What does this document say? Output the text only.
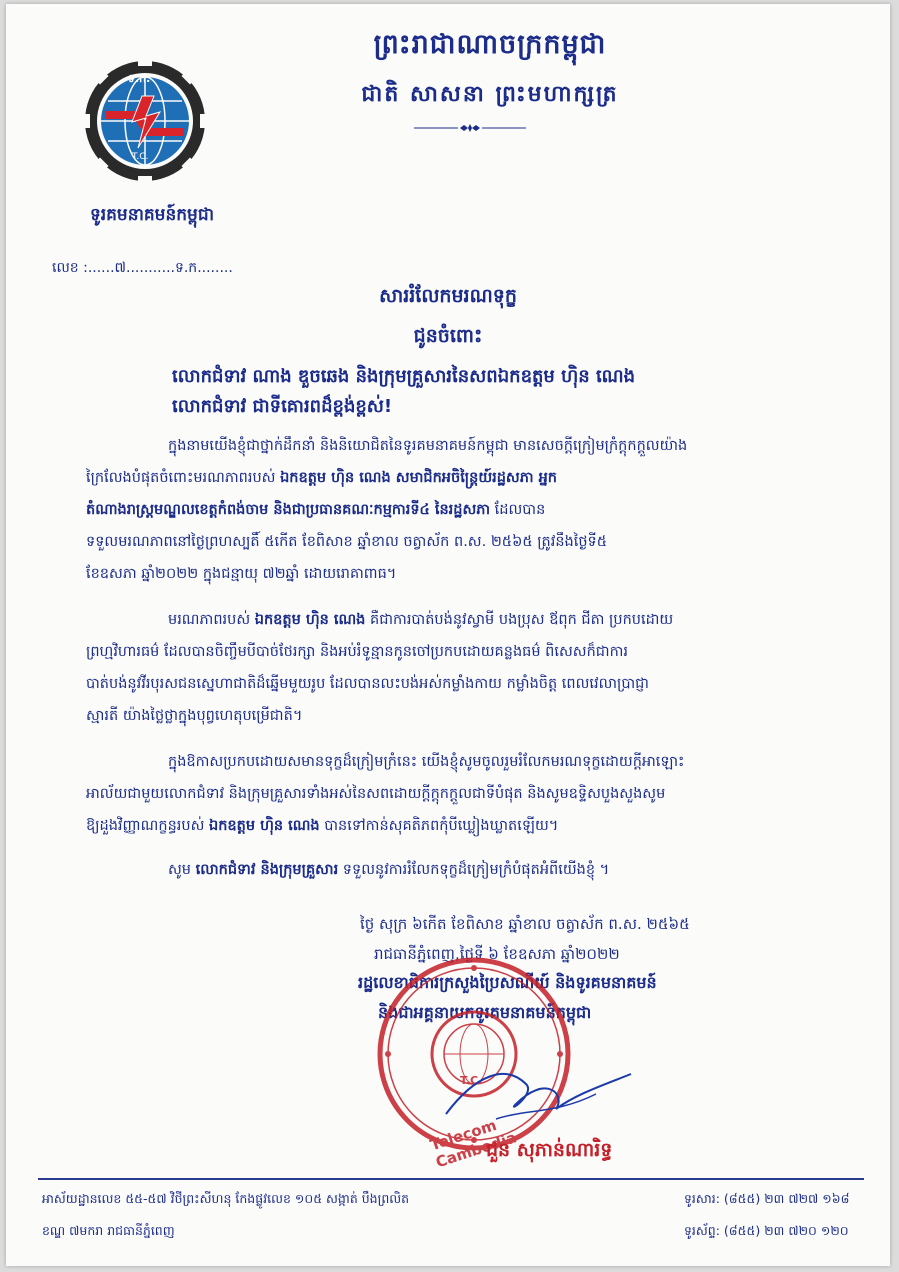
ទ.ក.
T.C.
ព្រះរាជាណាចក្រកម្ពុជា
ជាតិ សាសនា ព្រះមហាក្សត្រ
ទូរគមនាគមន៍កម្ពុជា
លេខ :......៧...........ទ.ក........
សាររំលែកមរណទុក្ខ
ជូនចំពោះ
លោកជំទាវ ណាង ឌួចឆេង និងក្រុមគ្រួសារនៃសពឯកឧត្តម ហ៊ិន ណេង
លោកជំទាវ ជាទីគោរពដ៏ខ្ពង់ខ្ពស់!
ក្នុងនាមយើងខ្ញុំជាថ្នាក់ដឹកនាំ និងនិយោជិតនៃទូរគមនាគមន៍កម្ពុជា មានសេចក្តីក្រៀមក្រំក្តុកក្តួលយ៉ាង
ក្រៃលែងបំផុតចំពោះមរណភាពរបស់ ឯកឧត្តម ហ៊ិន ណេង សមាជិកអចិន្ត្រៃយ៍រដ្ឋសភា អ្នក
តំណាងរាស្ត្រមណ្ឌលខេត្តកំពង់ចាម និងជាប្រធានគណៈកម្មការទី៤ នៃរដ្ឋសភា ដែលបាន
ទទួលមរណភាពនៅថ្ងៃព្រហស្បតិ៍ ៥កើត ខែពិសាខ ឆ្នាំខាល ចត្វាស័ក ព.ស. ២៥៦៥ ត្រូវនឹងថ្ងៃទី៥
ខែឧសភា ឆ្នាំ២០២២ ក្នុងជន្មាយុ ៧២ឆ្នាំ ដោយរោគាពាធ។
មរណភាពរបស់ ឯកឧត្តម ហ៊ិន ណេង គឺជាការបាត់បង់នូវស្វាមី បងប្រុស ឪពុក ជីតា ប្រកបដោយ
ព្រហ្មវិហារធម៌ ដែលបានចិញ្ចឹមបីបាច់ថែរក្សា និងអប់រំទូន្មានកូនចៅប្រកបដោយគន្លងធម៌ ពិសេសក៏ជាការ
បាត់បង់នូវវីរបុរសជនស្នេហាជាតិដ៏ឆ្នើមមួយរូប ដែលបានលះបង់អស់កម្លាំងកាយ កម្លាំងចិត្ត ពេលវេលាប្រាជ្ញា
ស្មារតី យ៉ាងថ្លៃថ្លាក្នុងបុព្វហេតុបម្រើជាតិ។
ក្នុងឱកាសប្រកបដោយសមានទុក្ខដ៏ក្រៀមក្រំនេះ យើងខ្ញុំសូមចូលរួមរំលែកមរណទុក្ខដោយក្តីអាឡោះ
អាល័យជាមួយលោកជំទាវ និងក្រុមគ្រួសារទាំងអស់នៃសពដោយក្តីក្តុកក្តួលជាទីបំផុត និងសូមឧទ្ទិសបួងសួងសូម
ឱ្យដួងវិញ្ញាណក្ខន្ធរបស់ ឯកឧត្តម ហ៊ិន ណេង បានទៅកាន់សុគតិភពកុំបីឃ្លៀងឃ្លាតឡើយ។
សូម លោកជំទាវ និងក្រុមគ្រួសារ ទទួលនូវការរំលែកទុក្ខដ៏ក្រៀមក្រំបំផុតអំពីយើងខ្ញុំ ។
ថ្ងៃ សុក្រ ៦កើត ខែពិសាខ ឆ្នាំខាល ចត្វាស័ក ព.ស. ២៥៦៥
រាជធានីភ្នំពេញ,ថ្ងៃទី ៦ ខែឧសភា ឆ្នាំ២០២២
រដ្ឋលេខាធិការក្រសួងប្រៃសណីយ៍ និងទូរគមនាគមន៍
និងជាអគ្គនាយកទូរគមនាគមន៍កម្ពុជា
T.C.
Telecom Cambodia
ជួន សុភាន់ណារិទ្ធ
អាស័យដ្ឋានលេខ ៥៥-៥៧ វិថីព្រះសីហនុ កែងផ្លូវលេខ ១០៥ សង្កាត់ បឹងព្រលិត
ខណ្ឌ ៧មករា រាជធានីភ្នំពេញ
ទូរសារ: (៨៥៥) ២៣ ៧២៧ ១៦៨
ទូរស័ព្ទ: (៨៥៥) ២៣ ៧២០ ១២០
